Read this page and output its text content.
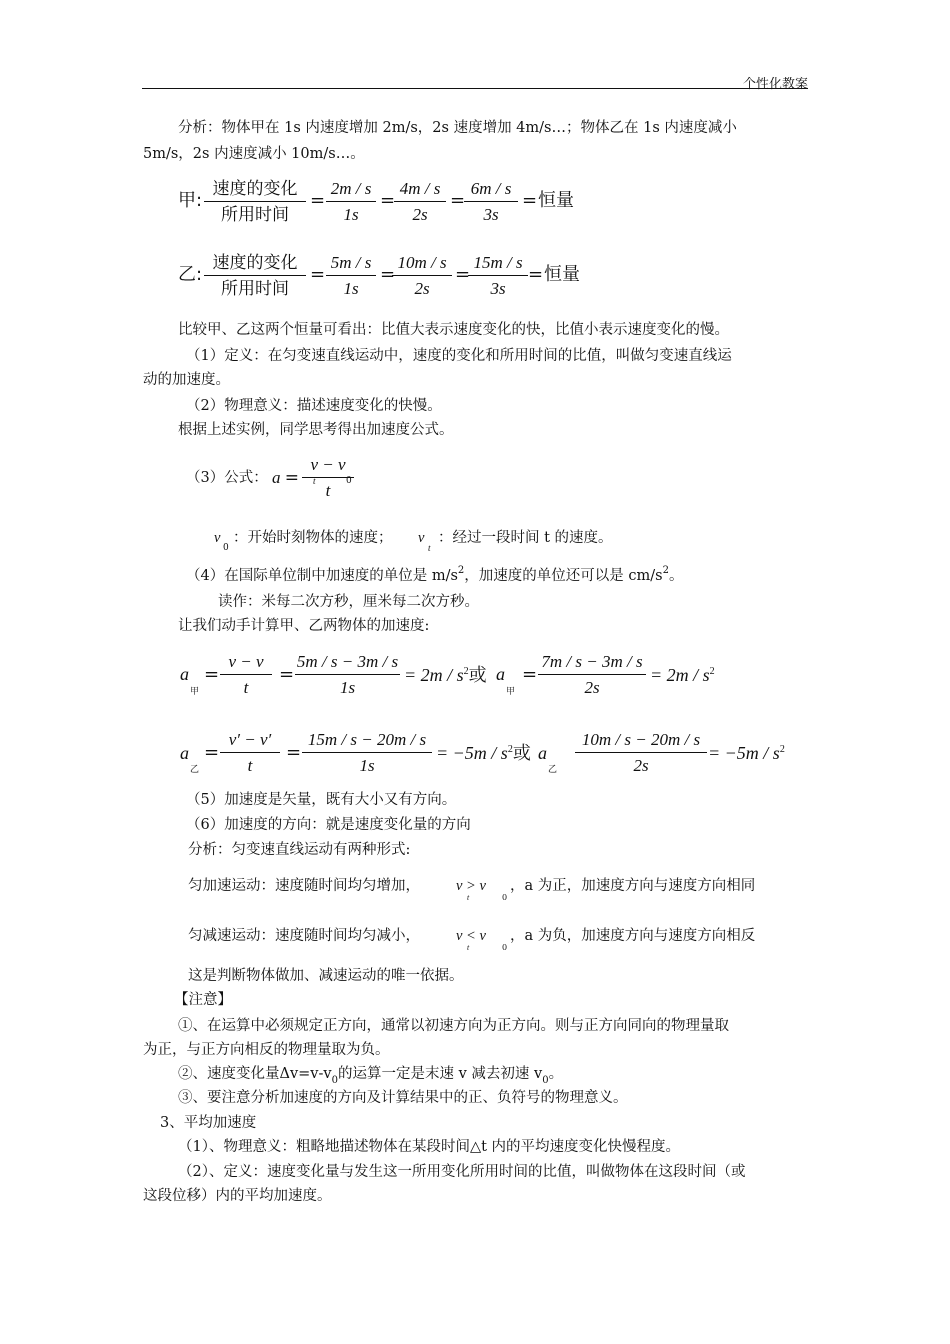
个性化教案
分析：物体甲在 1s 内速度增加 2m/s，2s 速度增加 4m/s…；物体乙在 1s 内速度减小
5m/s，2s 内速度减小 10m/s…。
甲:
速度的变化
所用时间
=
2m / s
1s
=
4m / s
2s
=
6m / s
3s
= 恒量
乙:
速度的变化
所用时间
=
5m / s
1s
=
10m / s
2s
=
15m / s
3s
= 恒量
比较甲、乙这两个恒量可看出：比值大表示速度变化的快，比值小表示速度变化的慢。
（1）定义：在匀变速直线运动中，速度的变化和所用时间的比值，叫做匀变速直线运
动的加速度。
（2）物理意义：描述速度变化的快慢。
根据上述实例，同学思考得出加速度公式。
（3）公式： a =
v − v
t
t	0
v
0
：开始时刻物体的速度； v
t
：经过一段时间 t 的速度。
（4）在国际单位制中加速度的单位是 $m/s^2$，加速度的单位还可以是 $cm/s^2$。
读作：米每二次方秒，厘米每二次方秒。
让我们动手计算甲、乙两物体的加速度:
a
甲
=
v − v
t
=
5m / s − 3m / s
1s
= $2m / s^2$或 a
甲
=
7m / s − 3m / s
2s
= $2m / s^2$
a
乙
=
v′ − v′
t
=
15m / s − 20m / s
1s
= $-5m / s^2$或 a
乙
10m / s − 20m / s
2s
= $-5m / s^2$
（5）加速度是矢量，既有大小又有方向。
（6）加速度的方向：就是速度变化量的方向
分析：匀变速直线运动有两种形式:
匀加速运动：速度随时间均匀增加， v > v
t	0
，a 为正，加速度方向与速度方向相同
匀减速运动：速度随时间均匀减小， v < v
t	0
，a 为负，加速度方向与速度方向相反
这是判断物体做加、减速运动的唯一依据。
【注意】
①、在运算中必须规定正方向，通常以初速方向为正方向。则与正方向同向的物理量取
为正，与正方向相反的物理量取为负。
②、速度变化量$\Delta v=v-v_0$的运算一定是末速 v 减去初速 $v_0$。
③、要注意分析加速度的方向及计算结果中的正、负符号的物理意义。
3、平均加速度
（1）、物理意义：粗略地描述物体在某段时间△t 内的平均速度变化快慢程度。
（2）、定义：速度变化量与发生这一所用变化所用时间的比值，叫做物体在这段时间（或
这段位移）内的平均加速度。
